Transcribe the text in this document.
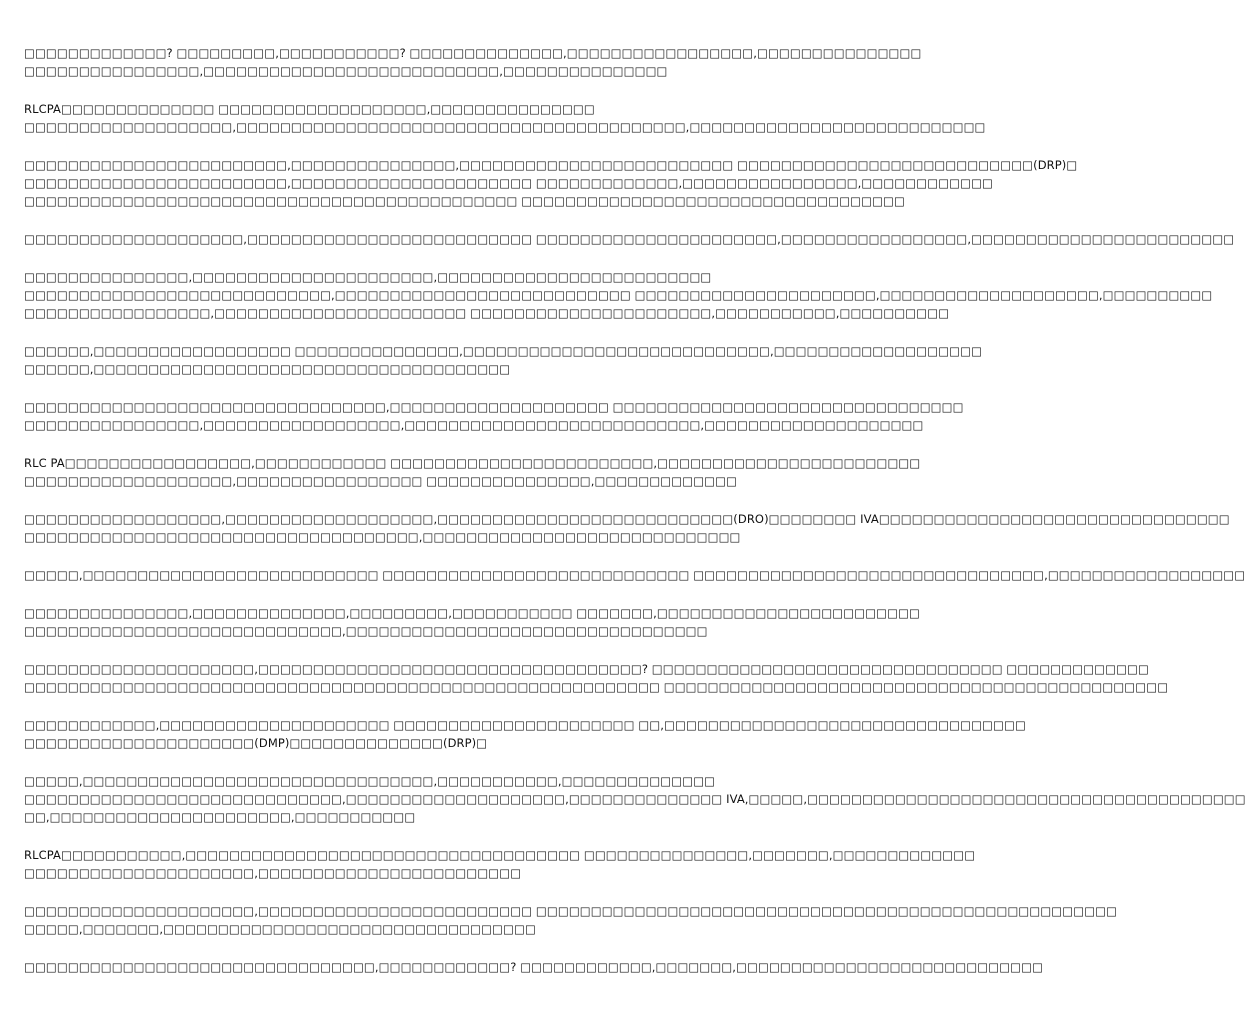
□□□□□□□□□□□□□? □□□□□□□□□,□□□□□□□□□□□? □□□□□□□□□□□□□□,□□□□□□□□□□□□□□□□□,□□□□□□□□□□□□□□□
□□□□□□□□□□□□□□□□,□□□□□□□□□□□□□□□□□□□□□□□□□□□,□□□□□□□□□□□□□□□
RLCPA□□□□□□□□□□□□□□ □□□□□□□□□□□□□□□□□□□,□□□□□□□□□□□□□□□
□□□□□□□□□□□□□□□□□□□,□□□□□□□□□□□□□□□□□□□□□□□□□□□□□□□□□□□□□□□□□,□□□□□□□□□□□□□□□□□□□□□□□□□□□
□□□□□□□□□□□□□□□□□□□□□□□□,□□□□□□□□□□□□□□□,□□□□□□□□□□□□□□□□□□□□□□□□□ □□□□□□□□□□□□□□□□□□□□□□□□□□□(DRP)□
□□□□□□□□□□□□□□□□□□□□□□□□,□□□□□□□□□□□□□□□□□□□□□□ □□□□□□□□□□□□□,□□□□□□□□□□□□□□□□,□□□□□□□□□□□□
□□□□□□□□□□□□□□□□□□□□□□□□□□□□□□□□□□□□□□□□□□□□□ □□□□□□□□□□□□□□□□□□□□□□□□□□□□□□□□□□□
□□□□□□□□□□□□□□□□□□□□,□□□□□□□□□□□□□□□□□□□□□□□□□□ □□□□□□□□□□□□□□□□□□□□□□,□□□□□□□□□□□□□□□□□,□□□□□□□□□□□□□□□□□□□□□□□□
□□□□□□□□□□□□□□□,□□□□□□□□□□□□□□□□□□□□□□,□□□□□□□□□□□□□□□□□□□□□□□□□
□□□□□□□□□□□□□□□□□□□□□□□□□□□□,□□□□□□□□□□□□□□□□□□□□□□□□□□□ □□□□□□□□□□□□□□□□□□□□□□,□□□□□□□□□□□□□□□□□□□□,□□□□□□□□□□
□□□□□□□□□□□□□□□□□,□□□□□□□□□□□□□□□□□□□□□□□ □□□□□□□□□□□□□□□□□□□□□□,□□□□□□□□□□□,□□□□□□□□□□
□□□□□□,□□□□□□□□□□□□□□□□□□ □□□□□□□□□□□□□□□,□□□□□□□□□□□□□□□□□□□□□□□□□□□□,□□□□□□□□□□□□□□□□□□□
□□□□□□,□□□□□□□□□□□□□□□□□□□□□□□□□□□□□□□□□□□□□□
□□□□□□□□□□□□□□□□□□□□□□□□□□□□□□□□□,□□□□□□□□□□□□□□□□□□□□ □□□□□□□□□□□□□□□□□□□□□□□□□□□□□□□□
□□□□□□□□□□□□□□□□,□□□□□□□□□□□□□□□□□□,□□□□□□□□□□□□□□□□□□□□□□□□□□□,□□□□□□□□□□□□□□□□□□□□
RLC PA□□□□□□□□□□□□□□□□□,□□□□□□□□□□□□ □□□□□□□□□□□□□□□□□□□□□□□□,□□□□□□□□□□□□□□□□□□□□□□□□
□□□□□□□□□□□□□□□□□□□,□□□□□□□□□□□□□□□□□ □□□□□□□□□□□□□□□,□□□□□□□□□□□□□
□□□□□□□□□□□□□□□□□□,□□□□□□□□□□□□□□□□□□□,□□□□□□□□□□□□□□□□□□□□□□□□□□□(DRO)□□□□□□□□ IVA□□□□□□□□□□□□□□□□□□□□□□□□□□□□□□□□
□□□□□□□□□□□□□□□□□□□□□□□□□□□□□□□□□□□□,□□□□□□□□□□□□□□□□□□□□□□□□□□□□□
□□□□□,□□□□□□□□□□□□□□□□□□□□□□□□□□□ □□□□□□□□□□□□□□□□□□□□□□□□□□□□ □□□□□□□□□□□□□□□□□□□□□□□□□□□□□□□□,□□□□□□□□□□□□□□□□□□
□□□□□□□□□□□□□□□,□□□□□□□□□□□□□□,□□□□□□□□□,□□□□□□□□□□□ □□□□□□□,□□□□□□□□□□□□□□□□□□□□□□□□
□□□□□□□□□□□□□□□□□□□□□□□□□□□□□,□□□□□□□□□□□□□□□□□□□□□□□□□□□□□□□□□
□□□□□□□□□□□□□□□□□□□□□,□□□□□□□□□□□□□□□□□□□□□□□□□□□□□□□□□□□? □□□□□□□□□□□□□□□□□□□□□□□□□□□□□□□□ □□□□□□□□□□□□□
□□□□□□□□□□□□□□□□□□□□□□□□□□□□□□□□□□□□□□□□□□□□□□□□□□□□□□□□□□ □□□□□□□□□□□□□□□□□□□□□□□□□□□□□□□□□□□□□□□□□□□□□□
□□□□□□□□□□□□,□□□□□□□□□□□□□□□□□□□□□ □□□□□□□□□□□□□□□□□□□□□□ □□,□□□□□□□□□□□□□□□□□□□□□□□□□□□□□□□□□
□□□□□□□□□□□□□□□□□□□□□(DMP)□□□□□□□□□□□□□□(DRP)□
□□□□□,□□□□□□□□□□□□□□□□□□□□□□□□□□□□□□□□,□□□□□□□□□□□,□□□□□□□□□□□□□□
□□□□□□□□□□□□□□□□□□□□□□□□□□□□□,□□□□□□□□□□□□□□□□□□□□,□□□□□□□□□□□□□□ IVA,□□□□□,□□□□□□□□□□□□□□□□□□□□□□□□□□□□□□□□□□□□□□□□
□□,□□□□□□□□□□□□□□□□□□□□□□,□□□□□□□□□□□
RLCPA□□□□□□□□□□□,□□□□□□□□□□□□□□□□□□□□□□□□□□□□□□□□□□□□ □□□□□□□□□□□□□□□,□□□□□□□,□□□□□□□□□□□□□
□□□□□□□□□□□□□□□□□□□□□,□□□□□□□□□□□□□□□□□□□□□□□□
□□□□□□□□□□□□□□□□□□□□□,□□□□□□□□□□□□□□□□□□□□□□□□□ □□□□□□□□□□□□□□□□□□□□□□□□□□□□□□□□□□□□□□□□□□□□□□□□□□□□□
□□□□□,□□□□□□□,□□□□□□□□□□□□□□□□□□□□□□□□□□□□□□□□□□
□□□□□□□□□□□□□□□□□□□□□□□□□□□□□□□□,□□□□□□□□□□□□? □□□□□□□□□□□□,□□□□□□□,□□□□□□□□□□□□□□□□□□□□□□□□□□□□
